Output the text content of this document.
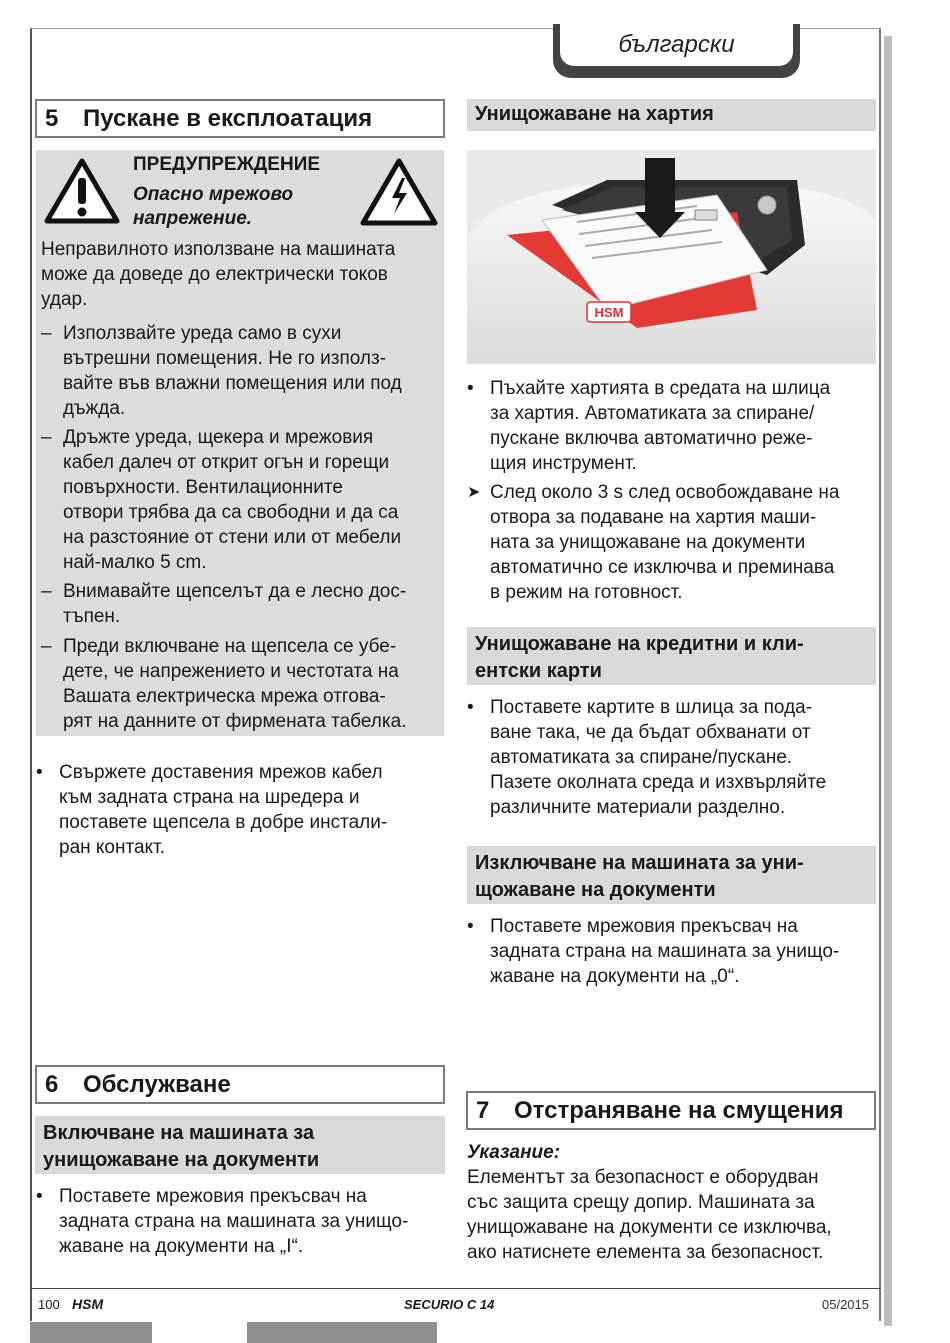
български
5	Пускане в експлоатация
ПРЕДУПРЕЖДЕНИЕ
Опасно мрежово
напрежение.
Неправилното използване на машината
може да доведе до електрически токов
удар.
– Използвайте уреда само в сухи
вътрешни помещения. Не го използ-
вайте във влажни помещения или под
дъжда.
– Дръжте уреда, щекера и мрежовия
кабел далеч от открит огън и горещи
повърхности. Вентилационните
отвори трябва да са свободни и да са
на разстояние от стени или от мебели
най-малко 5 cm.
– Внимавайте щепселът да е лесно дос-
тъпен.
– Преди включване на щепсела се убе-
дете, че напрежението и честотата на
Вашата електрическа мрежа отгова-
рят на данните от фирмената табелка.
• Свържете доставения мрежов кабел
към задната страна на шредера и
поставете щепсела в добре инстали-
ран контакт.
6	Обслужване
Включване на машината за
унищожаване на документи
• Поставете мрежовия прекъсвач на
задната страна на машината за унищо-
жаване на документи на „I“.
Унищожаване на хартия
HSM
• Пъхайте хартията в средата на шлица
за хартия. Автоматиката за спиране/
пускане включва автоматично реже-
щия инструмент.
➤ След около 3 s след освобождаване на
отвора за подаване на хартия маши-
ната за унищожаване на документи
автоматично се изключва и преминава
в режим на готовност.
Унищожаване на кредитни и кли-
ентски карти
• Поставете картите в шлица за пода-
ване така, че да бъдат обхванати от
автоматиката за спиране/пускане.
Пазете околната среда и изхвърляйте
различните материали разделно.
Изключване на машината за уни-
щожаване на документи
• Поставете мрежовия прекъсвач на
задната страна на машината за унищо-
жаване на документи на „0“.
7	Отстраняване на смущения
Указание:
Елементът за безопасност е оборудван
със защита срещу допир. Машината за
унищожаване на документи се изключва,
ако натиснете елемента за безопасност.
100 HSM	SECURIO C 14	05/2015
